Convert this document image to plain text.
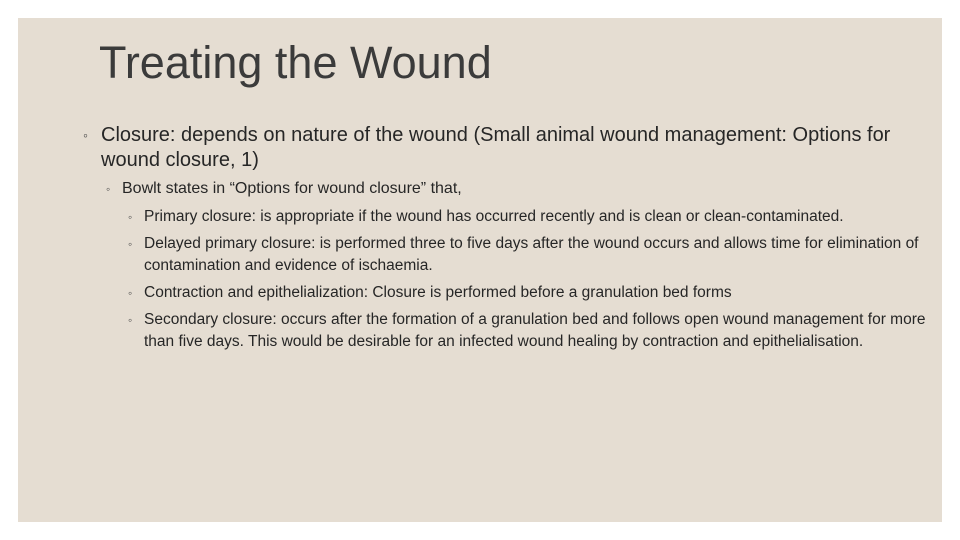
Treating the Wound
◦ Closure: depends on nature of the wound (Small animal wound management: Options for wound closure, 1)
◦ Bowlt states in “Options for wound closure” that,
◦ Primary closure: is appropriate if the wound has occurred recently and is clean or clean-contaminated.
◦ Delayed primary closure: is performed three to five days after the wound occurs and allows time for elimination of contamination and evidence of ischaemia.
◦ Contraction and epithelialization: Closure is performed before a granulation bed forms
◦ Secondary closure: occurs after the formation of a granulation bed and follows open wound management for more than five days. This would be desirable for an infected wound healing by contraction and epithelialisation.
